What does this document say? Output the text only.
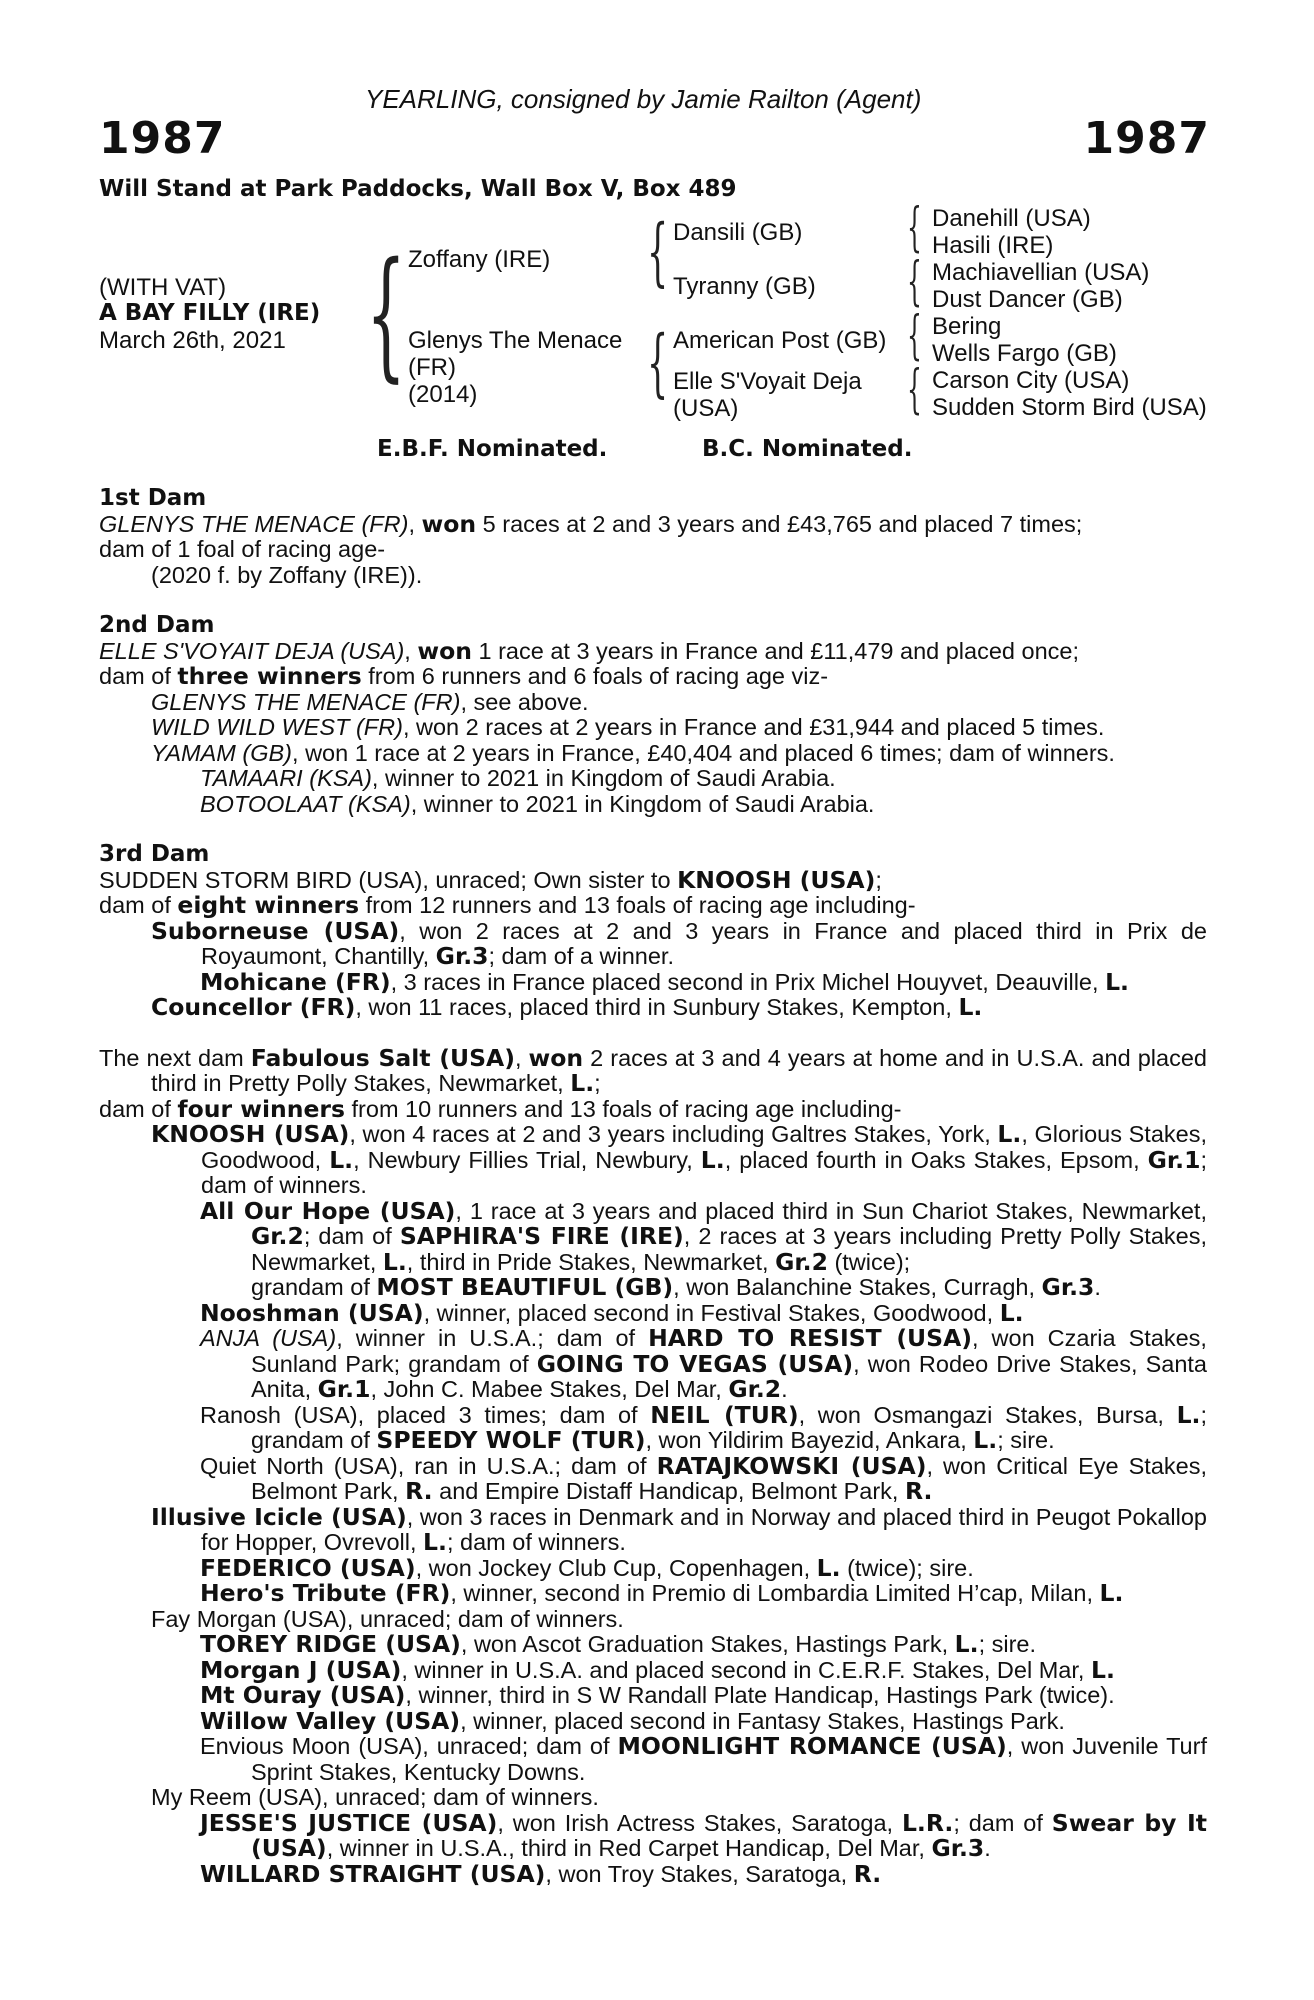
YEARLING, consigned by Jamie Railton (Agent)
1987	1987
Will Stand at Park Paddocks, Wall Box V, Box 489
(WITH VAT)
A BAY FILLY (IRE)
March 26th, 2021 { Zoffany (IRE)
Glenys The Menace
(FR)
(2014)
{
{
Dansili (GB)
Tyranny (GB)
American Post (GB)
Elle S'Voyait Deja
(USA)
{
{
{
{
Danehill (USA)
Hasili (IRE)
Machiavellian (USA)
Dust Dancer (GB)
Bering
Wells Fargo (GB)
Carson City (USA)
Sudden Storm Bird (USA)
E.B.F. Nominated.	B.C. Nominated.
1st Dam
GLENYS THE MENACE (FR), won 5 races at 2 and 3 years and £43,765 and placed 7 times;
dam of 1 foal of racing age-
(2020 f. by Zoffany (IRE)).
2nd Dam
ELLE S'VOYAIT DEJA (USA), won 1 race at 3 years in France and £11,479 and placed once;
dam of three winners from 6 runners and 6 foals of racing age viz-
GLENYS THE MENACE (FR), see above.
WILD WILD WEST (FR), won 2 races at 2 years in France and £31,944 and placed 5 times.
YAMAM (GB), won 1 race at 2 years in France, £40,404 and placed 6 times; dam of winners.
TAMAARI (KSA), winner to 2021 in Kingdom of Saudi Arabia.
BOTOOLAAT (KSA), winner to 2021 in Kingdom of Saudi Arabia.
3rd Dam
SUDDEN STORM BIRD (USA), unraced; Own sister to KNOOSH (USA);
dam of eight winners from 12 runners and 13 foals of racing age including-
Suborneuse (USA), won 2 races at 2 and 3 years in France and placed third in Prix de Royaumont, Chantilly, Gr.3; dam of a winner.
Mohicane (FR), 3 races in France placed second in Prix Michel Houyvet, Deauville, L.
Councellor (FR), won 11 races, placed third in Sunbury Stakes, Kempton, L.
The next dam Fabulous Salt (USA), won 2 races at 3 and 4 years at home and in U.S.A. and placed third in Pretty Polly Stakes, Newmarket, L.;
dam of four winners from 10 runners and 13 foals of racing age including-
KNOOSH (USA), won 4 races at 2 and 3 years including Galtres Stakes, York, L., Glorious Stakes, Goodwood, L., Newbury Fillies Trial, Newbury, L., placed fourth in Oaks Stakes, Epsom, Gr.1; dam of winners.
All Our Hope (USA), 1 race at 3 years and placed third in Sun Chariot Stakes, Newmarket, Gr.2; dam of SAPHIRA'S FIRE (IRE), 2 races at 3 years including Pretty Polly Stakes, Newmarket, L., third in Pride Stakes, Newmarket, Gr.2 (twice);
grandam of MOST BEAUTIFUL (GB), won Balanchine Stakes, Curragh, Gr.3.
Nooshman (USA), winner, placed second in Festival Stakes, Goodwood, L.
ANJA (USA), winner in U.S.A.; dam of HARD TO RESIST (USA), won Czaria Stakes, Sunland Park; grandam of GOING TO VEGAS (USA), won Rodeo Drive Stakes, Santa Anita, Gr.1, John C. Mabee Stakes, Del Mar, Gr.2.
Ranosh (USA), placed 3 times; dam of NEIL (TUR), won Osmangazi Stakes, Bursa, L.; grandam of SPEEDY WOLF (TUR), won Yildirim Bayezid, Ankara, L.; sire.
Quiet North (USA), ran in U.S.A.; dam of RATAJKOWSKI (USA), won Critical Eye Stakes, Belmont Park, R. and Empire Distaff Handicap, Belmont Park, R.
Illusive Icicle (USA), won 3 races in Denmark and in Norway and placed third in Peugot Pokallop for Hopper, Ovrevoll, L.; dam of winners.
FEDERICO (USA), won Jockey Club Cup, Copenhagen, L. (twice); sire.
Hero's Tribute (FR), winner, second in Premio di Lombardia Limited H’cap, Milan, L.
Fay Morgan (USA), unraced; dam of winners.
TOREY RIDGE (USA), won Ascot Graduation Stakes, Hastings Park, L.; sire.
Morgan J (USA), winner in U.S.A. and placed second in C.E.R.F. Stakes, Del Mar, L.
Mt Ouray (USA), winner, third in S W Randall Plate Handicap, Hastings Park (twice).
Willow Valley (USA), winner, placed second in Fantasy Stakes, Hastings Park.
Envious Moon (USA), unraced; dam of MOONLIGHT ROMANCE (USA), won Juvenile Turf Sprint Stakes, Kentucky Downs.
My Reem (USA), unraced; dam of winners.
JESSE'S JUSTICE (USA), won Irish Actress Stakes, Saratoga, L.R.; dam of Swear by It (USA), winner in U.S.A., third in Red Carpet Handicap, Del Mar, Gr.3.
WILLARD STRAIGHT (USA), won Troy Stakes, Saratoga, R.
